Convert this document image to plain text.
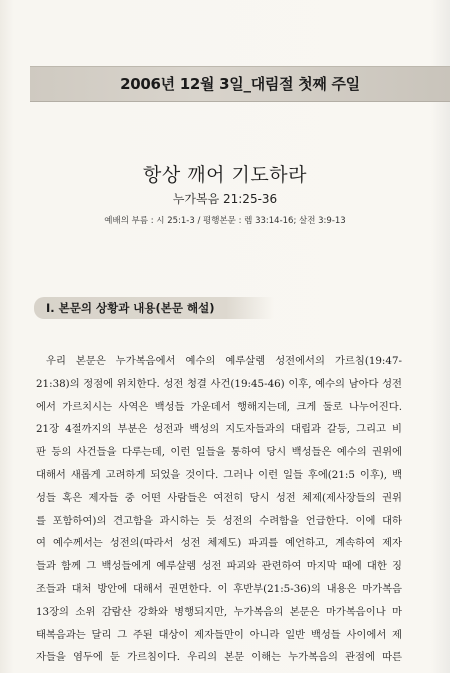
2006년 12월 3일_대림절 첫째 주일
항상 깨어 기도하라
누가복음 21:25-36
예배의 부름 : 시 25:1-3 / 평행본문 : 렘 33:14-16; 살전 3:9-13
Ⅰ. 본문의 상황과 내용(본문 해설)
우리 본문은 누가복음에서 예수의 예루살렘 성전에서의 가르침(19:47-
21:38)의 정점에 위치한다. 성전 청결 사건(19:45-46) 이후, 예수의 남아다 성전
에서 가르치시는 사역은 백성들 가운데서 행해지는데, 크게 둘로 나누어진다.
21장 4절까지의 부분은 성전과 백성의 지도자들과의 대립과 갈등, 그리고 비
판 등의 사건들을 다루는데, 이런 일들을 통하여 당시 백성들은 예수의 권위에
대해서 새롭게 고려하게 되었을 것이다. 그러나 이런 일들 후에(21:5 이후), 백
성들 혹은 제자들 중 어떤 사람들은 여전히 당시 성전 체제(제사장들의 권위
를 포함하여)의 견고함을 과시하는 듯 성전의 수려함을 언급한다. 이에 대하
여 예수께서는 성전의(따라서 성전 체제도) 파괴를 예언하고, 계속하여 제자
들과 함께 그 백성들에게 예루살렘 성전 파괴와 관련하여 마지막 때에 대한 징
조들과 대처 방안에 대해서 권면한다. 이 후반부(21:5-36)의 내용은 마가복음
13장의 소위 감람산 강화와 병행되지만, 누가복음의 본문은 마가복음이나 마
태복음과는 달리 그 주된 대상이 제자들만이 아니라 일반 백성들 사이에서 제
자들을 염두에 둔 가르침이다. 우리의 본문 이해는 누가복음의 관점에 따른
